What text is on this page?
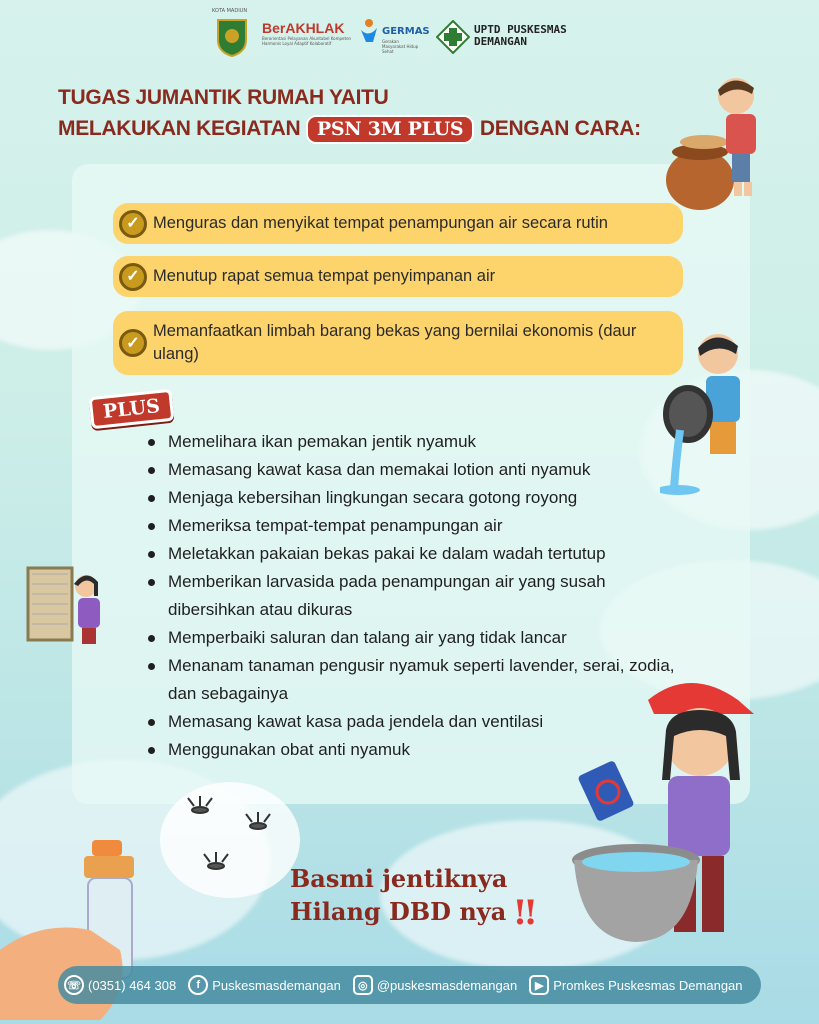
KOTA MADIUN
BerAKHLAK
Berorientasi Pelayanan Akuntabel Kompeten Harmonis Loyal Adaptif Kolaboratif
GERMAS
Gerakan Masyarakat Hidup Sehat
UPTD PUSKESMAS
DEMANGAN
TUGAS JUMANTIK RUMAH YAITU
MELAKUKAN KEGIATAN PSN 3M PLUS DENGAN CARA:
✓ Menguras dan menyikat tempat penampungan air secara rutin
✓ Menutup rapat semua tempat penyimpanan air
✓
Memanfaatkan limbah barang bekas yang bernilai ekonomis (daur ulang)
PLUS
Memelihara ikan pemakan jentik nyamuk
Memasang kawat kasa dan memakai lotion anti nyamuk
Menjaga kebersihan lingkungan secara gotong royong
Memeriksa tempat-tempat penampungan air
Meletakkan pakaian bekas pakai ke dalam wadah tertutup
Memberikan larvasida pada penampungan air yang susah dibersihkan atau dikuras
Memperbaiki saluran dan talang air yang tidak lancar
Menanam tanaman pengusir nyamuk seperti lavender, serai, zodia, dan sebagainya
Memasang kawat kasa pada jendela dan ventilasi
Menggunakan obat anti nyamuk
Basmi jentiknya
Hilang DBD nya ‼
☏ (0351) 464 308	f Puskesmasdemangan	◎ @puskesmasdemangan	▶ Promkes Puskesmas Demangan
